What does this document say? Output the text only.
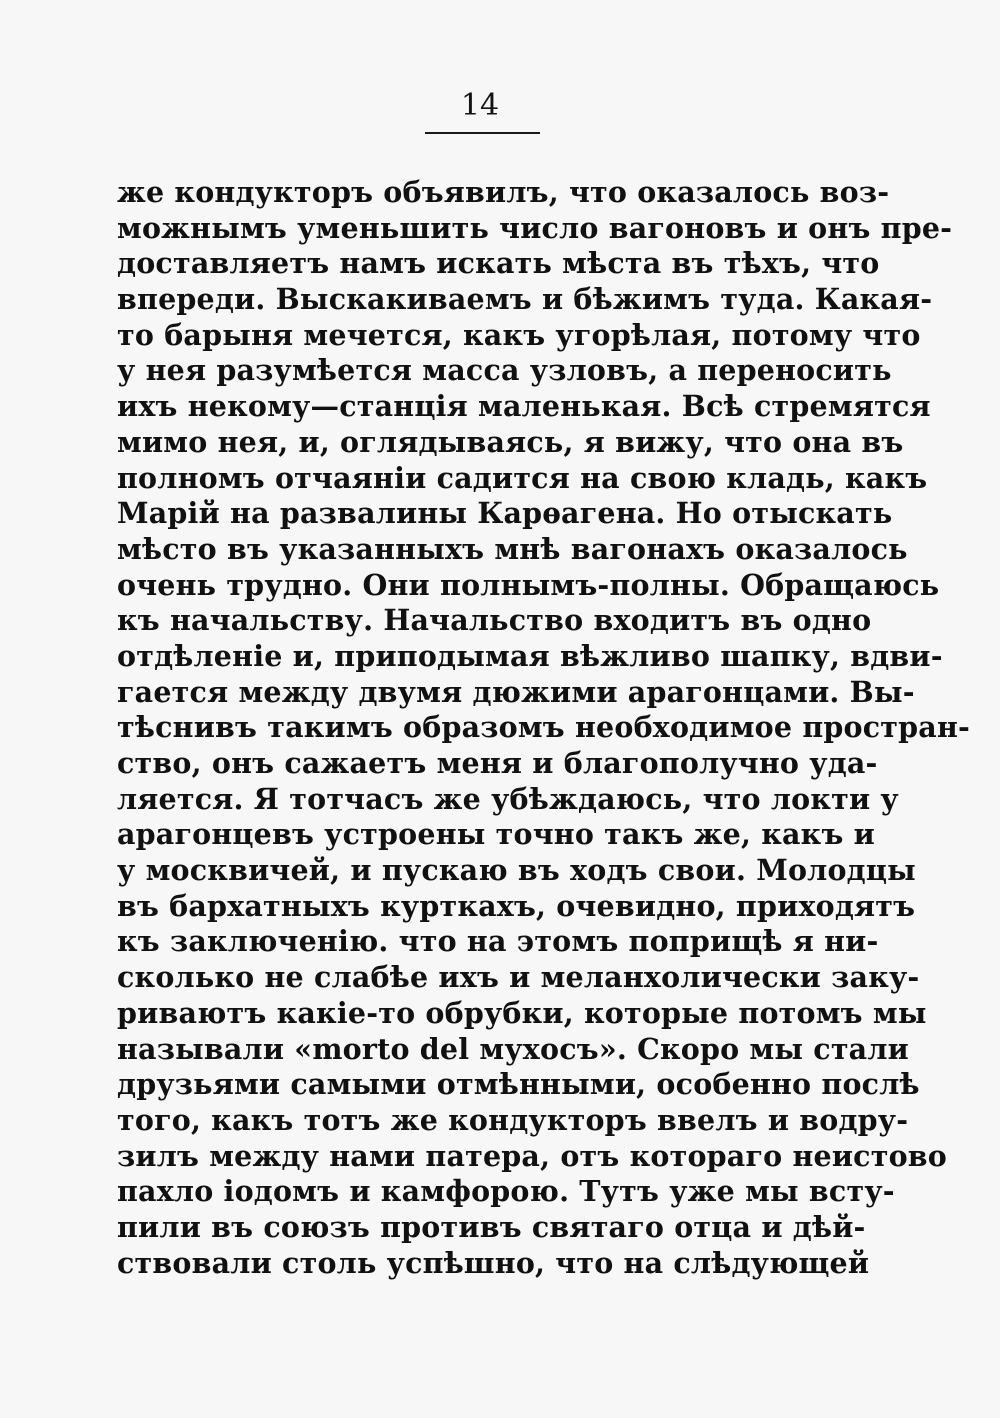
14
же кондукторъ объявилъ, что оказалось воз-
можнымъ уменьшить число вагоновъ и онъ пре-
доставляетъ намъ искать мѣста въ тѣхъ, что
впереди. Выскакиваемъ и бѣжимъ туда. Какая-
то барыня мечется, какъ угорѣлая, потому что
у нея разумѣется масса узловъ, а переносить
ихъ некому—станція маленькая. Всѣ стремятся
мимо нея, и, оглядываясь, я вижу, что она въ
полномъ отчаяніи садится на свою кладь, какъ
Марій на развалины Карѳагена. Но отыскать
мѣсто въ указанныхъ мнѣ вагонахъ оказалось
очень трудно. Они полнымъ-полны. Обращаюсь
къ начальству. Начальство входитъ въ одно
отдѣленіе и, приподымая вѣжливо шапку, вдви-
гается между двумя дюжими арагонцами. Вы-
тѣснивъ такимъ образомъ необходимое простран-
ство, онъ сажаетъ меня и благополучно уда-
ляется. Я тотчасъ же убѣждаюсь, что локти у
арагонцевъ устроены точно такъ же, какъ и
у москвичей, и пускаю въ ходъ свои. Молодцы
въ бархатныхъ курткахъ, очевидно, приходятъ
къ заключенію. что на этомъ поприщѣ я ни-
сколько не слабѣе ихъ и меланхолически заку-
риваютъ какіе-то обрубки, которые потомъ мы
называли «morto del мухосъ». Скоро мы стали
друзьями самыми отмѣнными, особенно послѣ
того, какъ тотъ же кондукторъ ввелъ и водру-
зилъ между нами патера, отъ котораго неистово
пахло іодомъ и камфорою. Тутъ уже мы всту-
пили въ союзъ противъ святаго отца и дѣй-
ствовали столь успѣшно, что на слѣдующей
